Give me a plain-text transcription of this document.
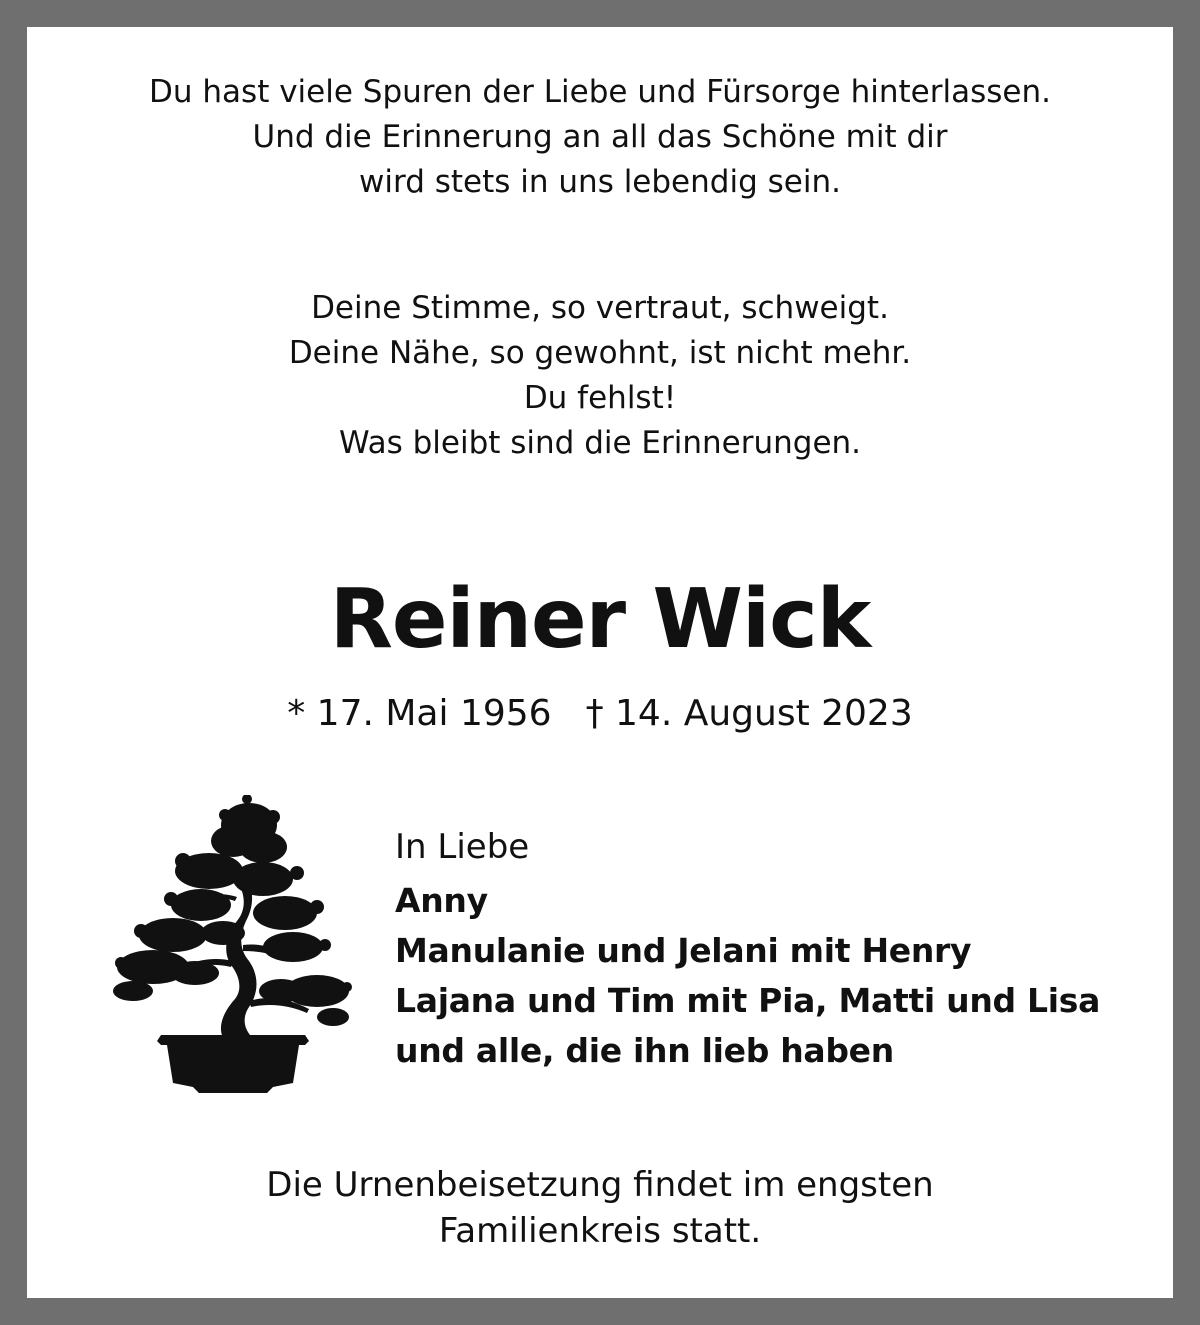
Du hast viele Spuren der Liebe und Fürsorge hinterlassen.
Und die Erinnerung an all das Schöne mit dir
wird stets in uns lebendig sein.
Deine Stimme, so vertraut, schweigt.
Deine Nähe, so gewohnt, ist nicht mehr.
Du fehlst!
Was bleibt sind die Erinnerungen.
Reiner Wick
* 17. Mai 1956 † 14. August 2023
In Liebe
Anny
Manulanie und Jelani mit Henry
Lajana und Tim mit Pia, Matti und Lisa
und alle, die ihn lieb haben
Die Urnenbeisetzung findet im engsten
Familienkreis statt.
